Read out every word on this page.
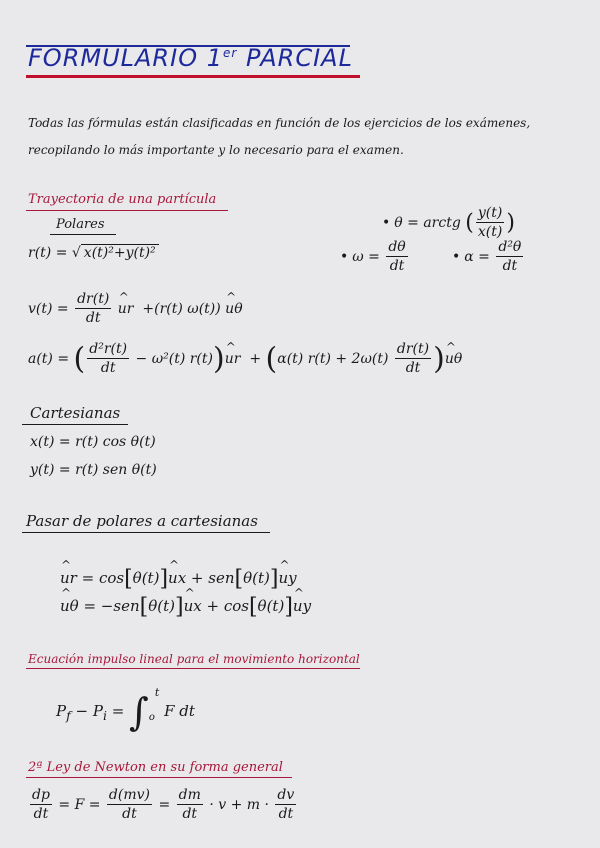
FORMULARIO 1er PARCIAL
Todas las fórmulas están clasificadas en función de los ejercicios de los exámenes, recopilando lo más importante y lo necesario para el examen.
Trayectoria de una partícula
Polares
r(t) = √ x(t)²+y(t)²
• θ = arctg ( $\frac{y(t)}{x(t)}$ )
• $\omega = \frac{d\theta}{dt}$	• $\alpha = \frac{\text{d²θ}}{dt}$
$v(t) = \frac{dr(t)}{dt}$ ^ ur  +(r(t) ω(t)) ^ uθ
a(t) = ( $\frac{\text{d²r(t)}}{dt} - \omega^2(t)$ r(t))^ ur  + (α(t) $r(t) + 2\omega(t) \frac{dr(t)}{dt}$ )^ uθ
Cartesianas
x(t) = r(t) cos θ(t)
y(t) = r(t) sen θ(t)
Pasar de polares a cartesianas
^ ur = cos[θ(t)]^ ux + sen[θ(t)]^ uy
^ uθ = −sen[θ(t)]^ ux + cos[θ(t)]^ uy
Ecuación impulso lineal para el movimiento horizontal
$P_f - P_i = \int_o^t$ F dt
2ª Ley de Newton en su forma general
$\frac{dp}{dt} = F = \frac{d(mv)}{dt} = \frac{dm}{dt} \cdot v + m \cdot \frac{dv}{dt}$
